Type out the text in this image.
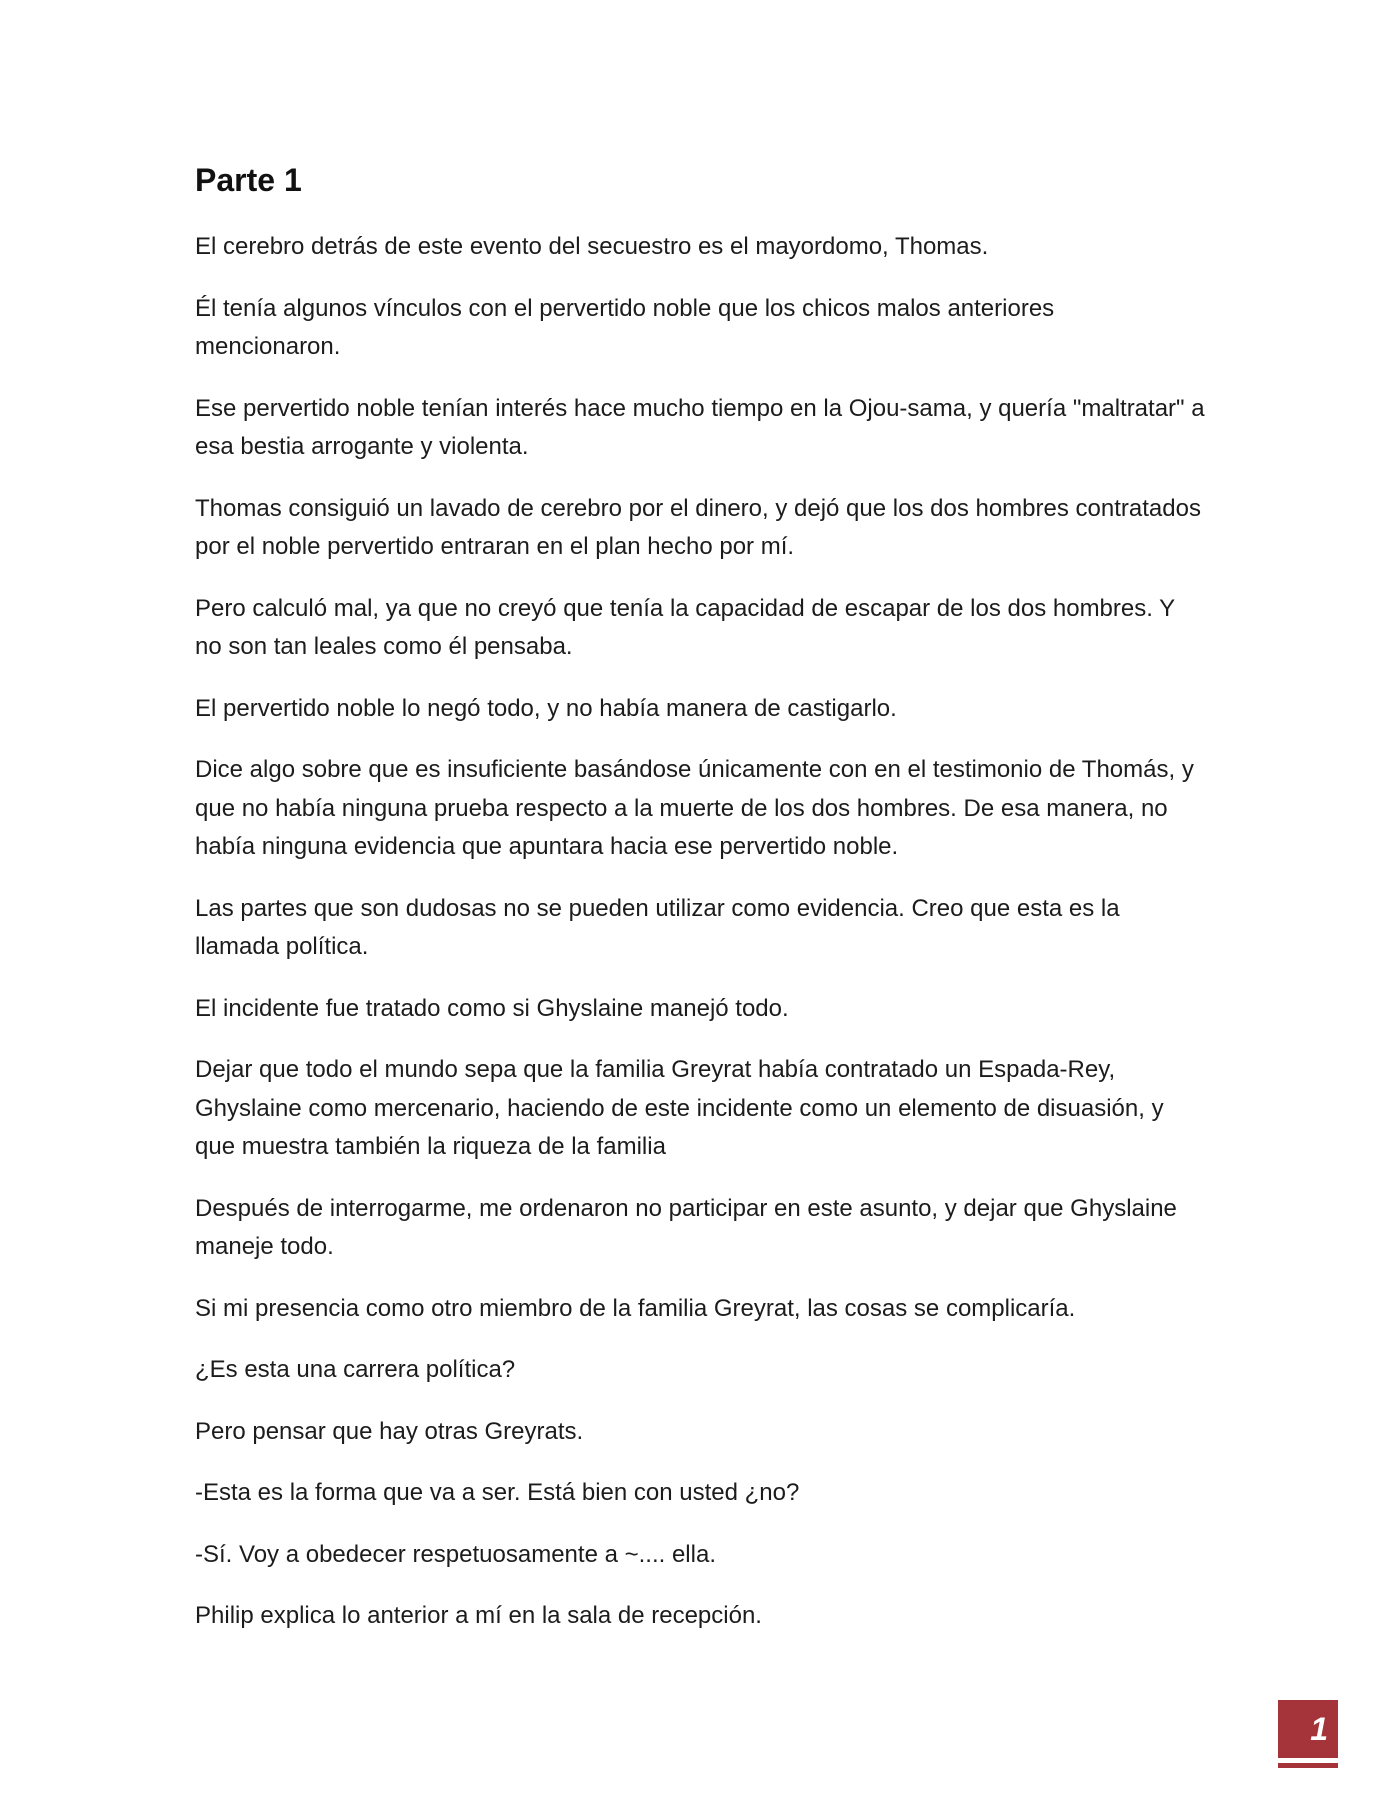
Parte 1

El cerebro detrás de este evento del secuestro es el mayordomo, Thomas.

Él tenía algunos vínculos con el pervertido noble que los chicos malos anteriores mencionaron.

Ese pervertido noble tenían interés hace mucho tiempo en la Ojou-sama, y quería "maltratar" a esa bestia arrogante y violenta.

Thomas consiguió un lavado de cerebro por el dinero, y dejó que los dos hombres contratados por el noble pervertido entraran en el plan hecho por mí.

Pero calculó mal, ya que no creyó que tenía la capacidad de escapar de los dos hombres. Y no son tan leales como él pensaba.

El pervertido noble lo negó todo, y no había manera de castigarlo.

Dice algo sobre que es insuficiente basándose únicamente con en el testimonio de Thomás, y que no había ninguna prueba respecto a la muerte de los dos hombres. De esa manera, no había ninguna evidencia que apuntara hacia ese pervertido noble.

Las partes que son dudosas no se pueden utilizar como evidencia. Creo que esta es la llamada política.

El incidente fue tratado como si Ghyslaine manejó todo.

Dejar que todo el mundo sepa que la familia Greyrat había contratado un Espada-Rey, Ghyslaine como mercenario, haciendo de este incidente como un elemento de disuasión, y que muestra también la riqueza de la familia

Después de interrogarme, me ordenaron no participar en este asunto, y dejar que Ghyslaine maneje todo.

Si mi presencia como otro miembro de la familia Greyrat, las cosas se complicaría.

¿Es esta una carrera política?

Pero pensar que hay otras Greyrats.

-Esta es la forma que va a ser. Está bien con usted ¿no?

-Sí. Voy a obedecer respetuosamente a ~.... ella.

Philip explica lo anterior a mí en la sala de recepción.

1
